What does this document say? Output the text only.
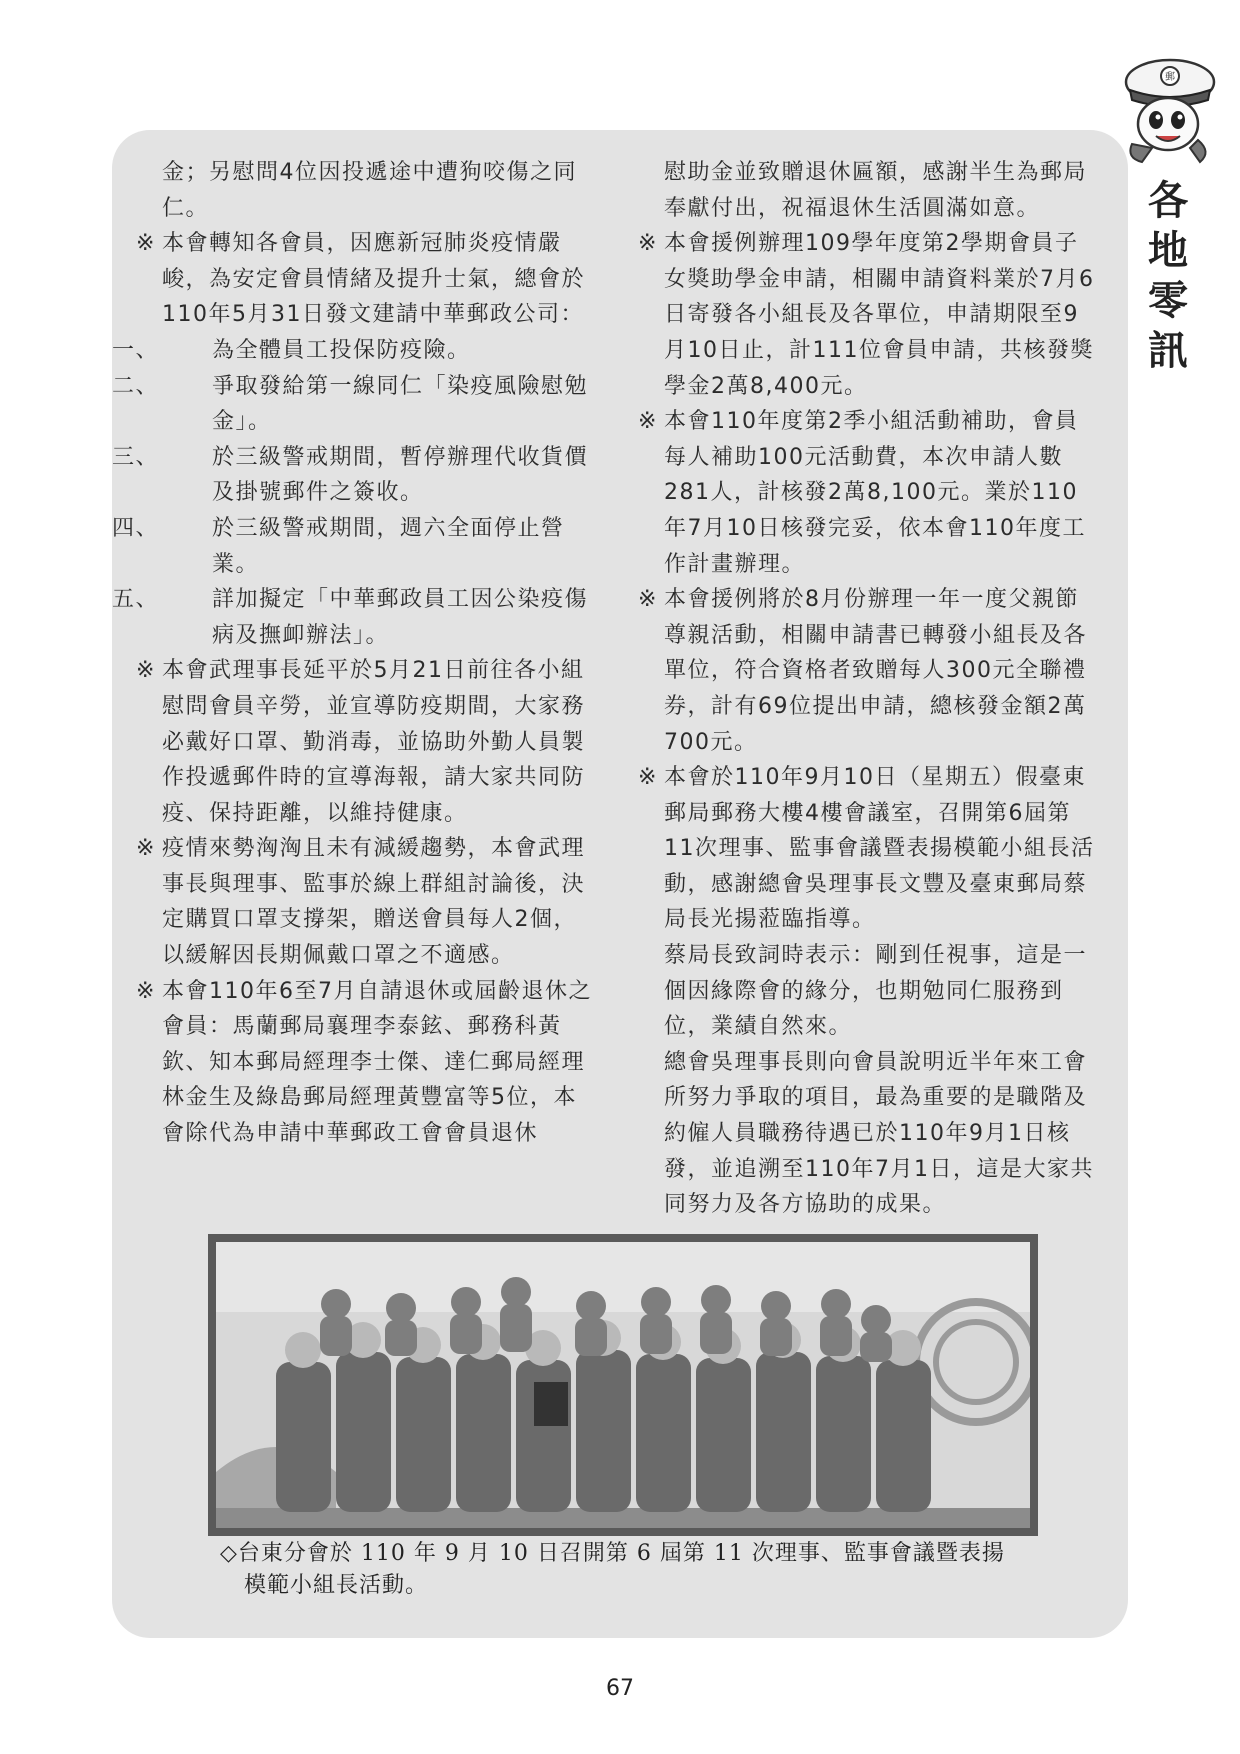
郵
各
地
零
訊

金；另慰問4位因投遞途中遭狗咬傷之同仁。

※ 本會轉知各會員，因應新冠肺炎疫情嚴峻，為安定會員情緒及提升士氣，總會於110年5月31日發文建請中華郵政公司：

一、 為全體員工投保防疫險。

二、 爭取發給第一線同仁「染疫風險慰勉金」。

三、 於三級警戒期間，暫停辦理代收貨價及掛號郵件之簽收。

四、 於三級警戒期間，週六全面停止營業。

五、 詳加擬定「中華郵政員工因公染疫傷病及撫卹辦法」。

※ 本會武理事長延平於5月21日前往各小組慰問會員辛勞，並宣導防疫期間，大家務必戴好口罩、勤消毒，並協助外勤人員製作投遞郵件時的宣導海報，請大家共同防疫、保持距離，以維持健康。

※ 疫情來勢洶洶且未有減緩趨勢，本會武理事長與理事、監事於線上群組討論後，決定購買口罩支撐架，贈送會員每人2個，以緩解因長期佩戴口罩之不適感。

※ 本會110年6至7月自請退休或屆齡退休之會員：馬蘭郵局襄理李泰鉉、郵務科黃欽、知本郵局經理李士傑、達仁郵局經理林金生及綠島郵局經理黃豐富等5位，本會除代為申請中華郵政工會會員退休

慰助金並致贈退休匾額，感謝半生為郵局奉獻付出，祝福退休生活圓滿如意。

※ 本會援例辦理109學年度第2學期會員子女獎助學金申請，相關申請資料業於7月6日寄發各小組長及各單位，申請期限至9月10日止，計111位會員申請，共核發獎學金2萬8,400元。

※ 本會110年度第2季小組活動補助，會員每人補助100元活動費，本次申請人數281人，計核發2萬8,100元。業於110年7月10日核發完妥，依本會110年度工作計畫辦理。

※ 本會援例將於8月份辦理一年一度父親節尊親活動，相關申請書已轉發小組長及各單位，符合資格者致贈每人300元全聯禮券，計有69位提出申請，總核發金額2萬700元。

※ 本會於110年9月10日（星期五）假臺東郵局郵務大樓4樓會議室，召開第6屆第11次理事、監事會議暨表揚模範小組長活動，感謝總會吳理事長文豐及臺東郵局蔡局長光揚蒞臨指導。

蔡局長致詞時表示：剛到任視事，這是一個因緣際會的緣分，也期勉同仁服務到位，業績自然來。

總會吳理事長則向會員說明近半年來工會所努力爭取的項目，最為重要的是職階及約僱人員職務待遇已於110年9月1日核發，並追溯至110年7月1日，這是大家共同努力及各方協助的成果。

◇台東分會於 110 年 9 月 10 日召開第 6 屆第 11 次理事、監事會議暨表揚
模範小組長活動。
67
